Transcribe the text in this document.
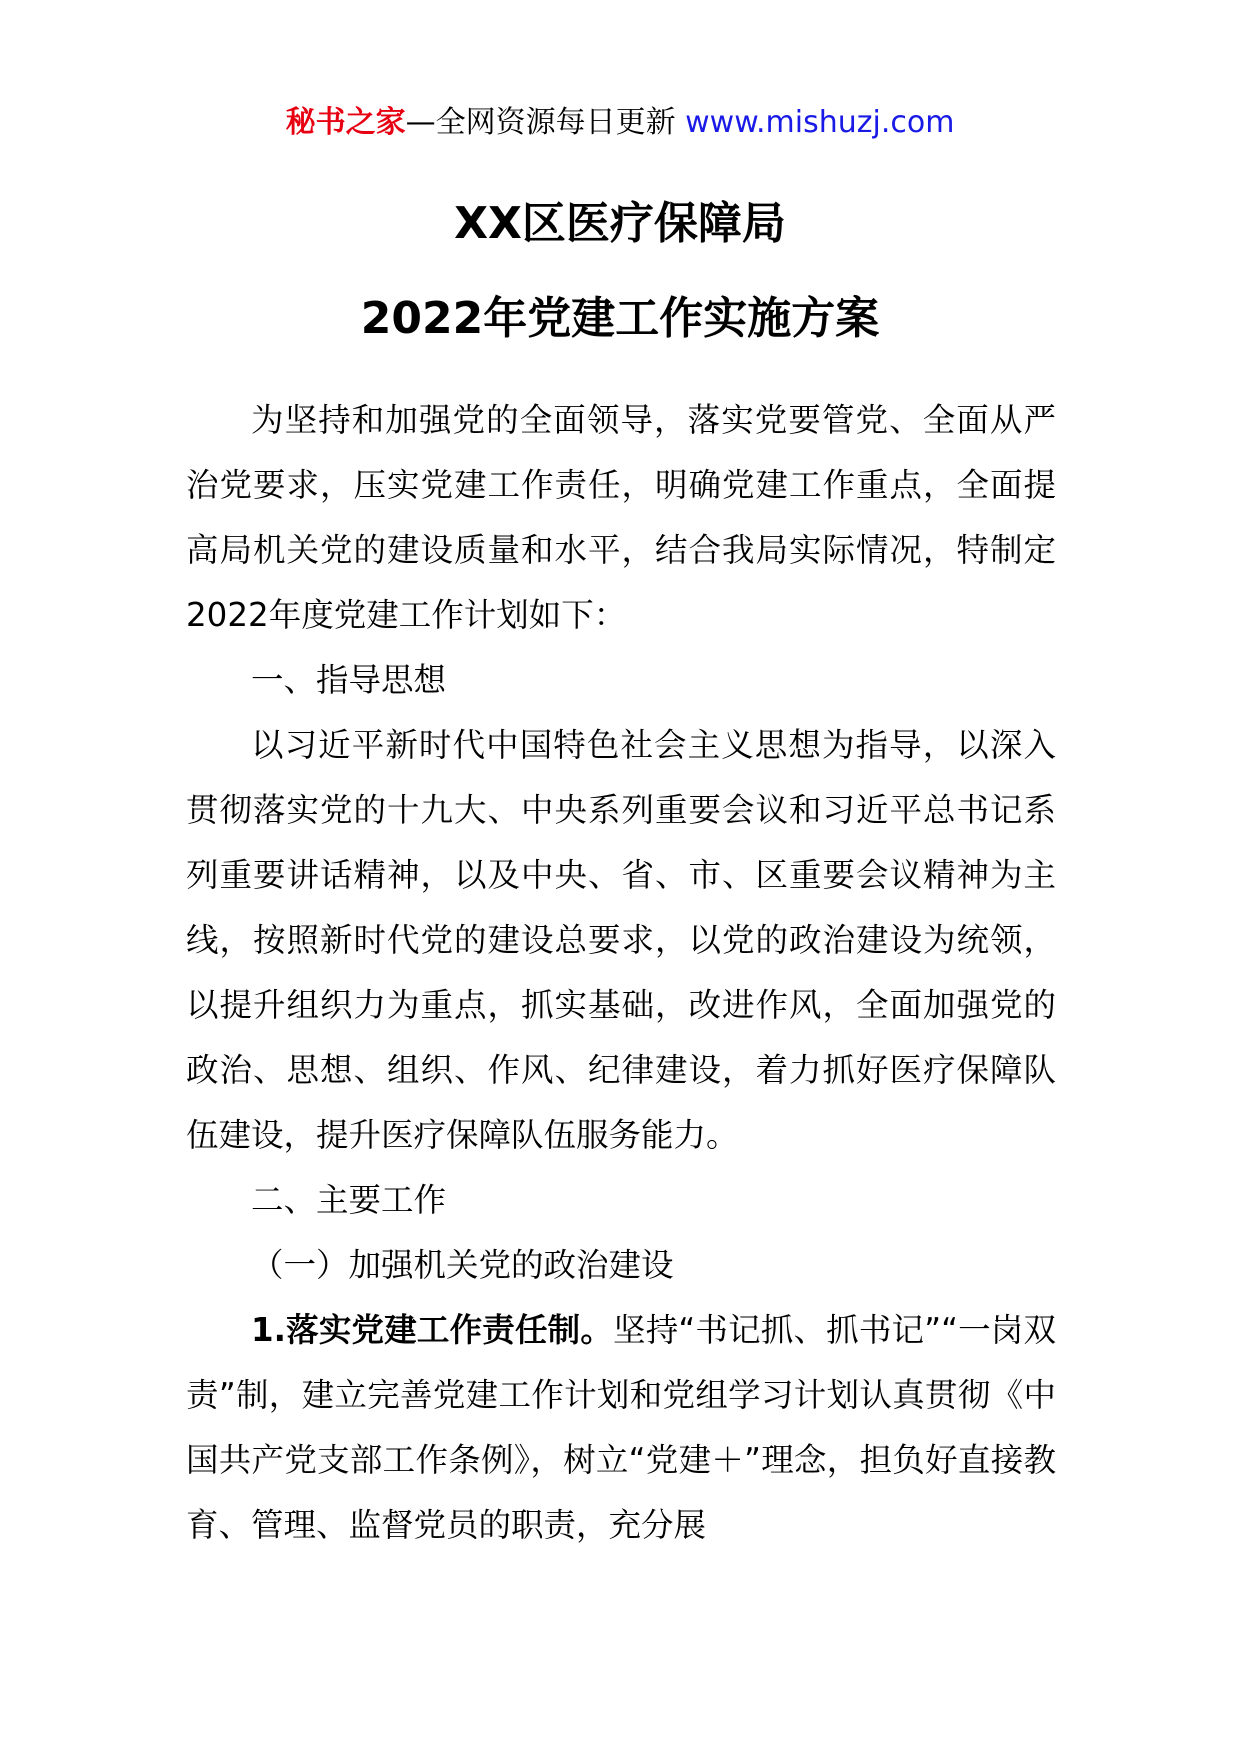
秘书之家—全网资源每日更新 www.mishuzj.com
XX区医疗保障局
2022年党建工作实施方案

为坚持和加强党的全面领导，落实党要管党、全面从严治党要求，压实党建工作责任，明确党建工作重点，全面提高局机关党的建设质量和水平，结合我局实际情况，特制定2022年度党建工作计划如下：

一、指导思想

以习近平新时代中国特色社会主义思想为指导，以深入贯彻落实党的十九大、中央系列重要会议和习近平总书记系列重要讲话精神，以及中央、省、市、区重要会议精神为主线，按照新时代党的建设总要求，以党的政治建设为统领，以提升组织力为重点，抓实基础，改进作风，全面加强党的政治、思想、组织、作风、纪律建设，着力抓好医疗保障队伍建设，提升医疗保障队伍服务能力。

二、主要工作

（一）加强机关党的政治建设

1.落实党建工作责任制。坚持“书记抓、抓书记”“一岗双责”制，建立完善党建工作计划和党组学习计划认真贯彻《中国共产党支部工作条例》，树立“党建＋”理念，担负好直接教育、管理、监督党员的职责，充分展
